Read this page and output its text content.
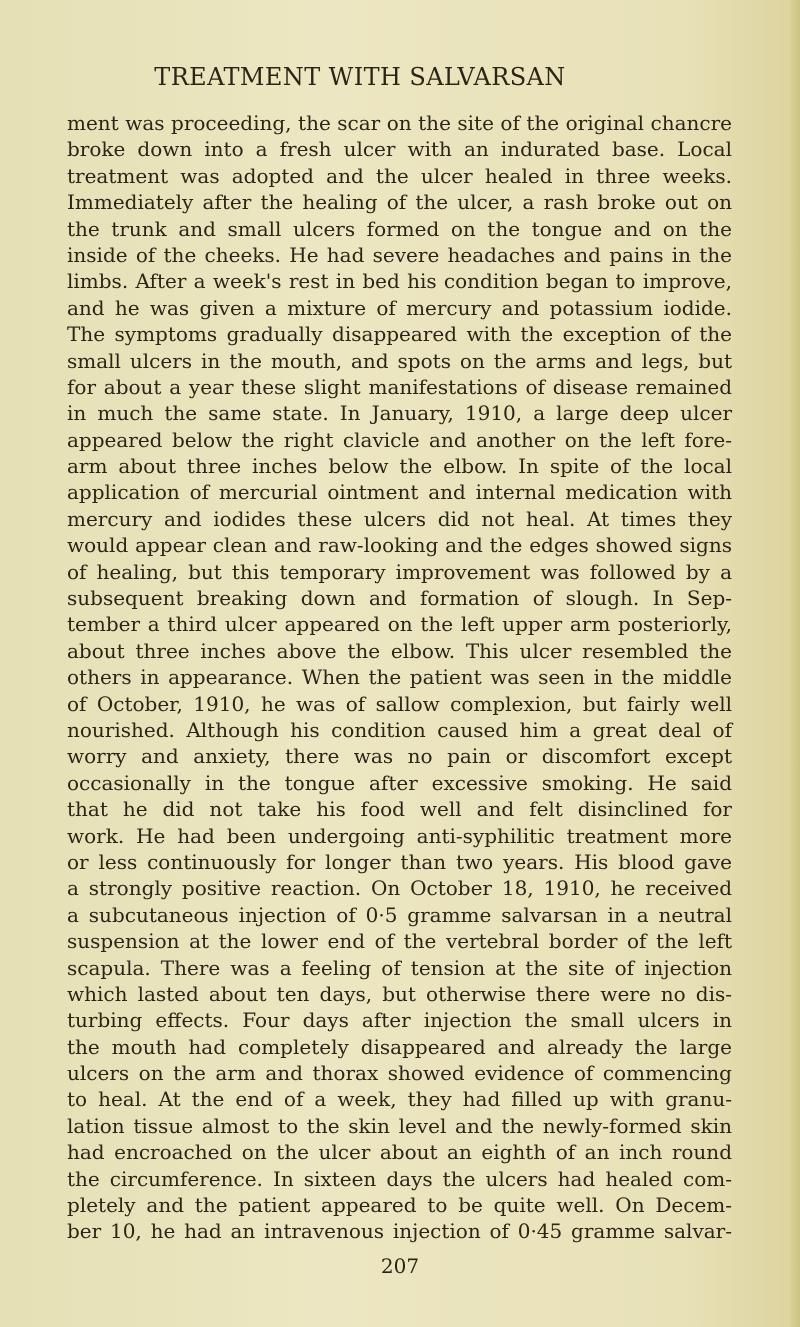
TREATMENT WITH SALVARSAN
ment was proceeding, the scar on the site of the original chancre
broke down into a fresh ulcer with an indurated base. Local
treatment was adopted and the ulcer healed in three weeks.
Immediately after the healing of the ulcer, a rash broke out on
the trunk and small ulcers formed on the tongue and on the
inside of the cheeks. He had severe headaches and pains in the
limbs. After a week's rest in bed his condition began to improve,
and he was given a mixture of mercury and potassium iodide.
The symptoms gradually disappeared with the exception of the
small ulcers in the mouth, and spots on the arms and legs, but
for about a year these slight manifestations of disease remained
in much the same state. In January, 1910, a large deep ulcer
appeared below the right clavicle and another on the left fore-
arm about three inches below the elbow. In spite of the local
application of mercurial ointment and internal medication with
mercury and iodides these ulcers did not heal. At times they
would appear clean and raw-looking and the edges showed signs
of healing, but this temporary improvement was followed by a
subsequent breaking down and formation of slough. In Sep-
tember a third ulcer appeared on the left upper arm posteriorly,
about three inches above the elbow. This ulcer resembled the
others in appearance. When the patient was seen in the middle
of October, 1910, he was of sallow complexion, but fairly well
nourished. Although his condition caused him a great deal of
worry and anxiety, there was no pain or discomfort except
occasionally in the tongue after excessive smoking. He said
that he did not take his food well and felt disinclined for
work. He had been undergoing anti-syphilitic treatment more
or less continuously for longer than two years. His blood gave
a strongly positive reaction. On October 18, 1910, he received
a subcutaneous injection of 0·5 gramme salvarsan in a neutral
suspension at the lower end of the vertebral border of the left
scapula. There was a feeling of tension at the site of injection
which lasted about ten days, but otherwise there were no dis-
turbing effects. Four days after injection the small ulcers in
the mouth had completely disappeared and already the large
ulcers on the arm and thorax showed evidence of commencing
to heal. At the end of a week, they had filled up with granu-
lation tissue almost to the skin level and the newly-formed skin
had encroached on the ulcer about an eighth of an inch round
the circumference. In sixteen days the ulcers had healed com-
pletely and the patient appeared to be quite well. On Decem-
ber 10, he had an intravenous injection of 0·45 gramme salvar-
207
